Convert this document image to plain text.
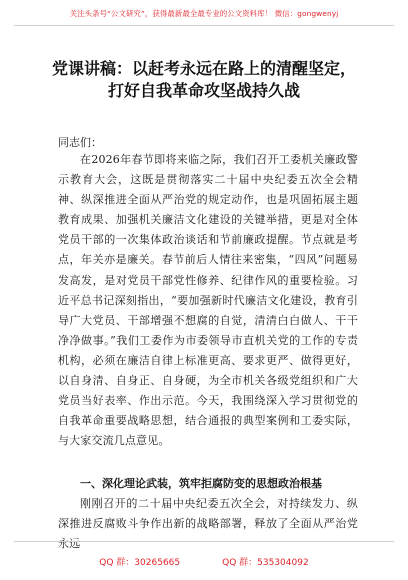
关注头条号“公文研究”，获得最新最全最专业的公文资料库！ 微信：gongwenyj
党课讲稿：以赶考永远在路上的清醒坚定，
打好自我革命攻坚战持久战
同志们：

在2026年春节即将来临之际，我们召开工委机关廉政警示教育大会，这既是贯彻落实二十届中央纪委五次全会精神、纵深推进全面从严治党的规定动作，也是巩固拓展主题教育成果、加强机关廉洁文化建设的关键举措，更是对全体党员干部的一次集体政治谈话和节前廉政提醒。节点就是考点，年关亦是廉关。春节前后人情往来密集，“四风”问题易发高发，是对党员干部党性修养、纪律作风的重要检验。习近平总书记深刻指出，“要加强新时代廉洁文化建设，教育引导广大党员、干部增强不想腐的自觉，清清白白做人、干干净净做事。”我们工委作为市委领导市直机关党的工作的专责机构，必须在廉洁自律上标准更高、要求更严、做得更好，以自身清、自身正、自身硬，为全市机关各级党组织和广大党员当好表率、作出示范。今天，我围绕深入学习贯彻党的自我革命重要战略思想，结合通报的典型案例和工委实际，与大家交流几点意见。

一、深化理论武装，筑牢拒腐防变的思想政治根基

刚刚召开的二十届中央纪委五次全会，对持续发力、纵深推进反腐败斗争作出新的战略部署，释放了全面从严治党永远

QQ 群：30265665	QQ 群：535304092
